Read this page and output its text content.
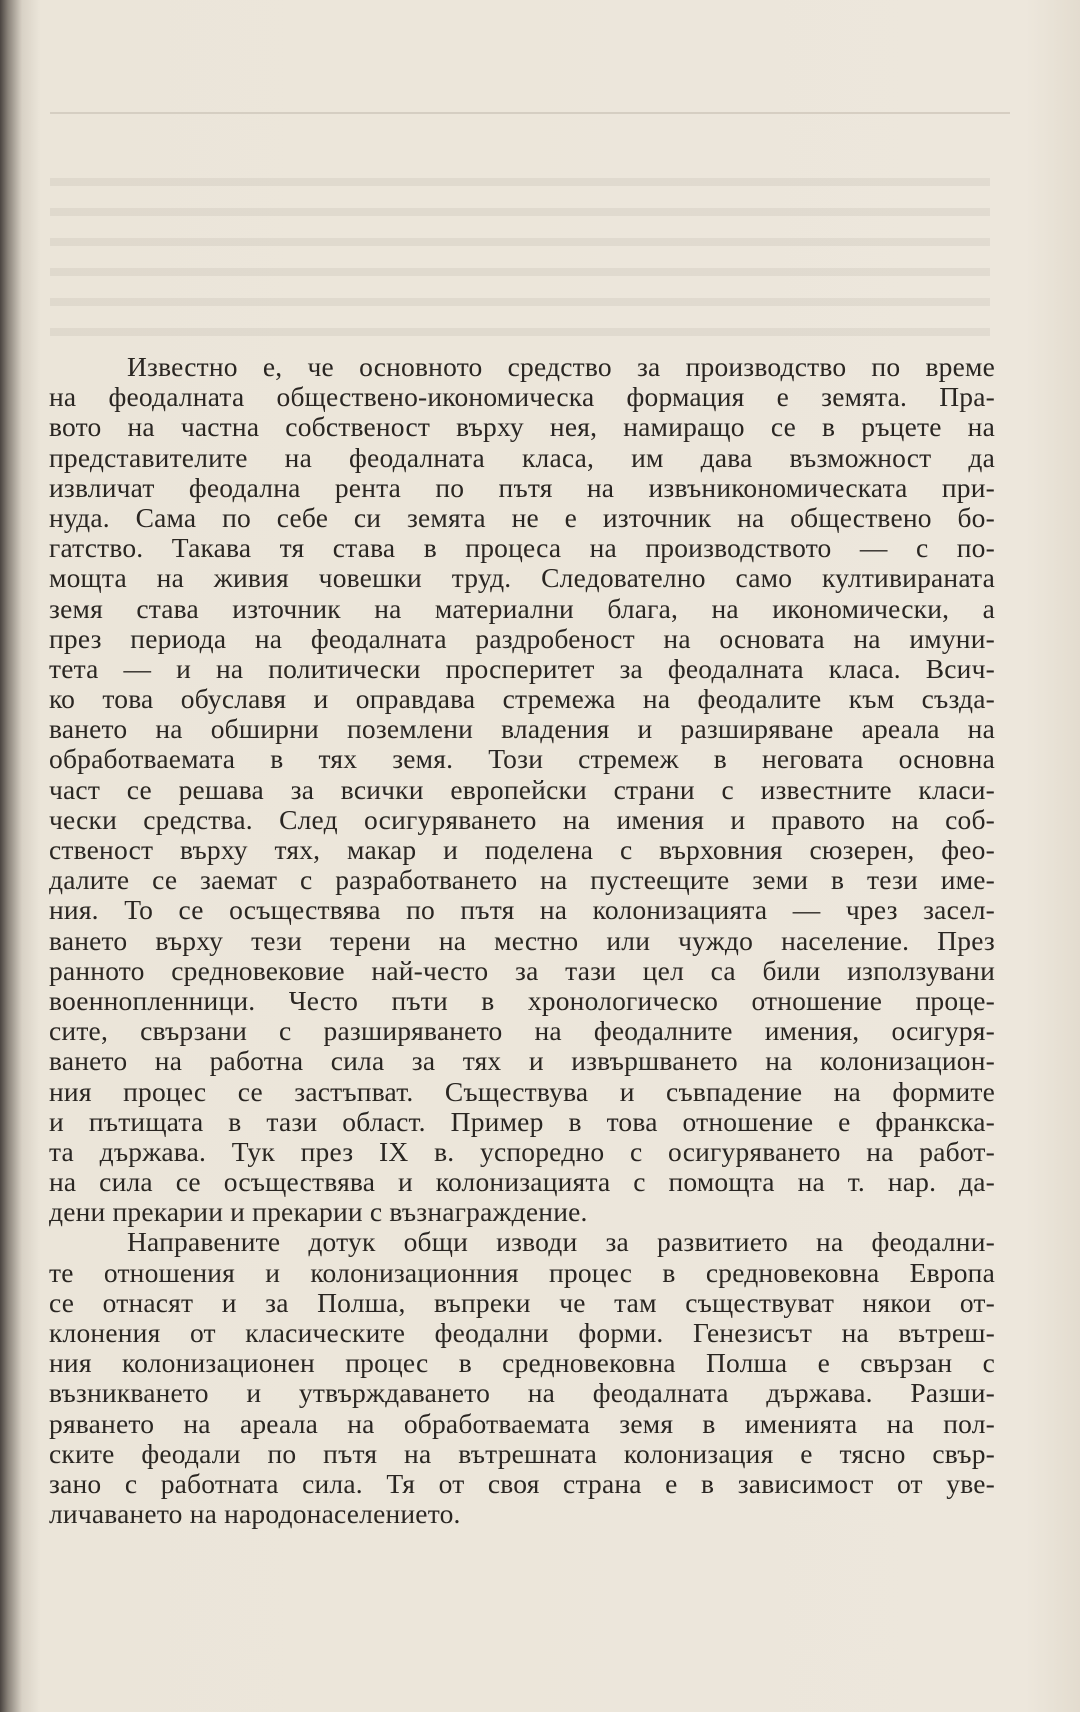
Известно е, че основното средство за производство по време
на феодалната обществено-икономическа формация е земята. Пра-
вото на частна собственост върху нея, намиращо се в ръцете на
представителите на феодалната класа, им дава възможност да
извличат феодална рента по пътя на извъникономическата при-
нуда. Сама по себе си земята не е източник на обществено бо-
гатство. Такава тя става в процеса на производството — с по-
мощта на живия човешки труд. Следователно само култивираната
земя става източник на материални блага, на икономически, а
през периода на феодалната раздробеност на основата на имуни-
тета — и на политически просперитет за феодалната класа. Всич-
ко това обуславя и оправдава стремежа на феодалите към създа-
ването на обширни поземлени владения и разширяване ареала на
обработваемата в тях земя. Този стремеж в неговата основна
част се решава за всички европейски страни с известните класи-
чески средства. След осигуряването на имения и правото на соб-
ственост върху тях, макар и поделена с върховния сюзерен, фео-
далите се заемат с разработването на пустеещите земи в тези име-
ния. То се осъществява по пътя на колонизацията — чрез засел-
ването върху тези терени на местно или чуждо население. През
ранното средновековие най-често за тази цел са били използувани
военнопленници. Често пъти в хронологическо отношение проце-
сите, свързани с разширяването на феодалните имения, осигуря-
ването на работна сила за тях и извършването на колонизацион-
ния процес се застъпват. Съществува и съвпадение на формите
и пътищата в тази област. Пример в това отношение е франкска-
та държава. Тук през IX в. успоредно с осигуряването на работ-
на сила се осъществява и колонизацията с помощта на т. нар. да-
дени прекарии и прекарии с възнаграждение.
Направените дотук общи изводи за развитието на феодални-
те отношения и колонизационния процес в средновековна Европа
се отнасят и за Полша, въпреки че там съществуват някои от-
клонения от класическите феодални форми. Генезисът на вътреш-
ния колонизационен процес в средновековна Полша е свързан с
възникването и утвърждаването на феодалната държава. Разши-
ряването на ареала на обработваемата земя в именията на пол-
ските феодали по пътя на вътрешната колонизация е тясно свър-
зано с работната сила. Тя от своя страна е в зависимост от уве-
личаването на народонаселението.
